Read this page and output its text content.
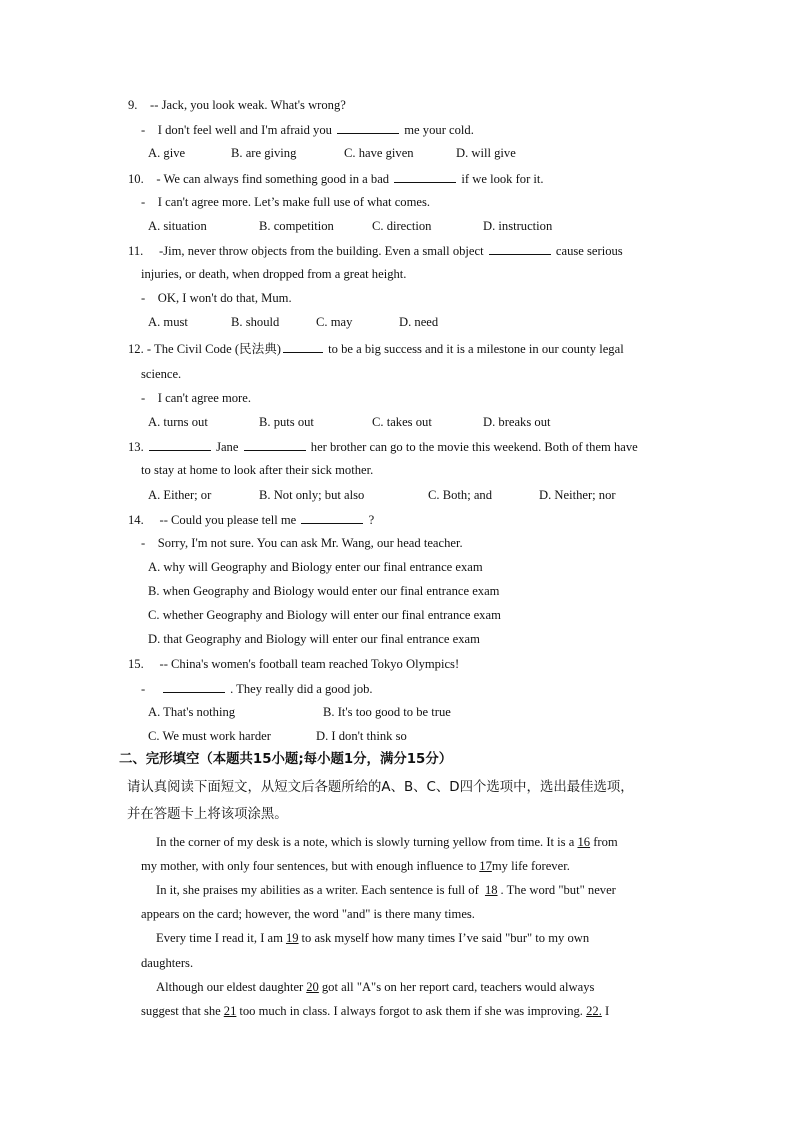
9. -- Jack, you look weak. What's wrong?
- I don't feel well and I'm afraid you	me your cold.
A. give	B. are giving	C. have given	D. will give
10. - We can always find something good in a bad	if we look for it.
- I can't agree more. Let’s make full use of what comes.
A. situation	B. competition	C. direction	D. instruction
11. -Jim, never throw objects from the building. Even a small object	cause serious
injuries, or death, when dropped from a great height.
- OK, I won't do that, Mum.
A. must	B. should	C. may	D. need
12. - The Civil Code (民法典)	to be a big success and it is a milestone in our county legal
science.
- I can't agree more.
A. turns out	B. puts out	C. takes out	D. breaks out
13.	Jane	her brother can go to the movie this weekend. Both of them have
to stay at home to look after their sick mother.
A. Either; or	B. Not only; but also	C. Both; and	D. Neither; nor
14. -- Could you please tell me	?
- Sorry, I'm not sure. You can ask Mr. Wang, our head teacher.
A. why will Geography and Biology enter our final entrance exam
B. when Geography and Biology would enter our final entrance exam
C. whether Geography and Biology will enter our final entrance exam
D. that Geography and Biology will enter our final entrance exam
15. -- China's women's football team reached Tokyo Olympics!
-	. They really did a good job.
A. That's nothing	B. It's too good to be true
C. We must work harder	D. I don't think so
二、完形填空（本题共15小题;每小题1分，满分15分）
请认真阅读下面短文，从短文后各题所给的A、B、C、D四个选项中，选出最佳选项，
并在答题卡上将该项涂黑。
In the corner of my desk is a note, which is slowly turning yellow from time. It is a 16 from
my mother, with only four sentences, but with enough influence to 17my life forever.
In it, she praises my abilities as a writer. Each sentence is full of 18 . The word "but" never
appears on the card; however, the word "and" is there many times.
Every time I read it, I am 19 to ask myself how many times I’ve said "bur" to my own
daughters.
Although our eldest daughter 20 got all "A"s on her report card, teachers would always
suggest that she 21 too much in class. I always forgot to ask them if she was improving. 22. I
